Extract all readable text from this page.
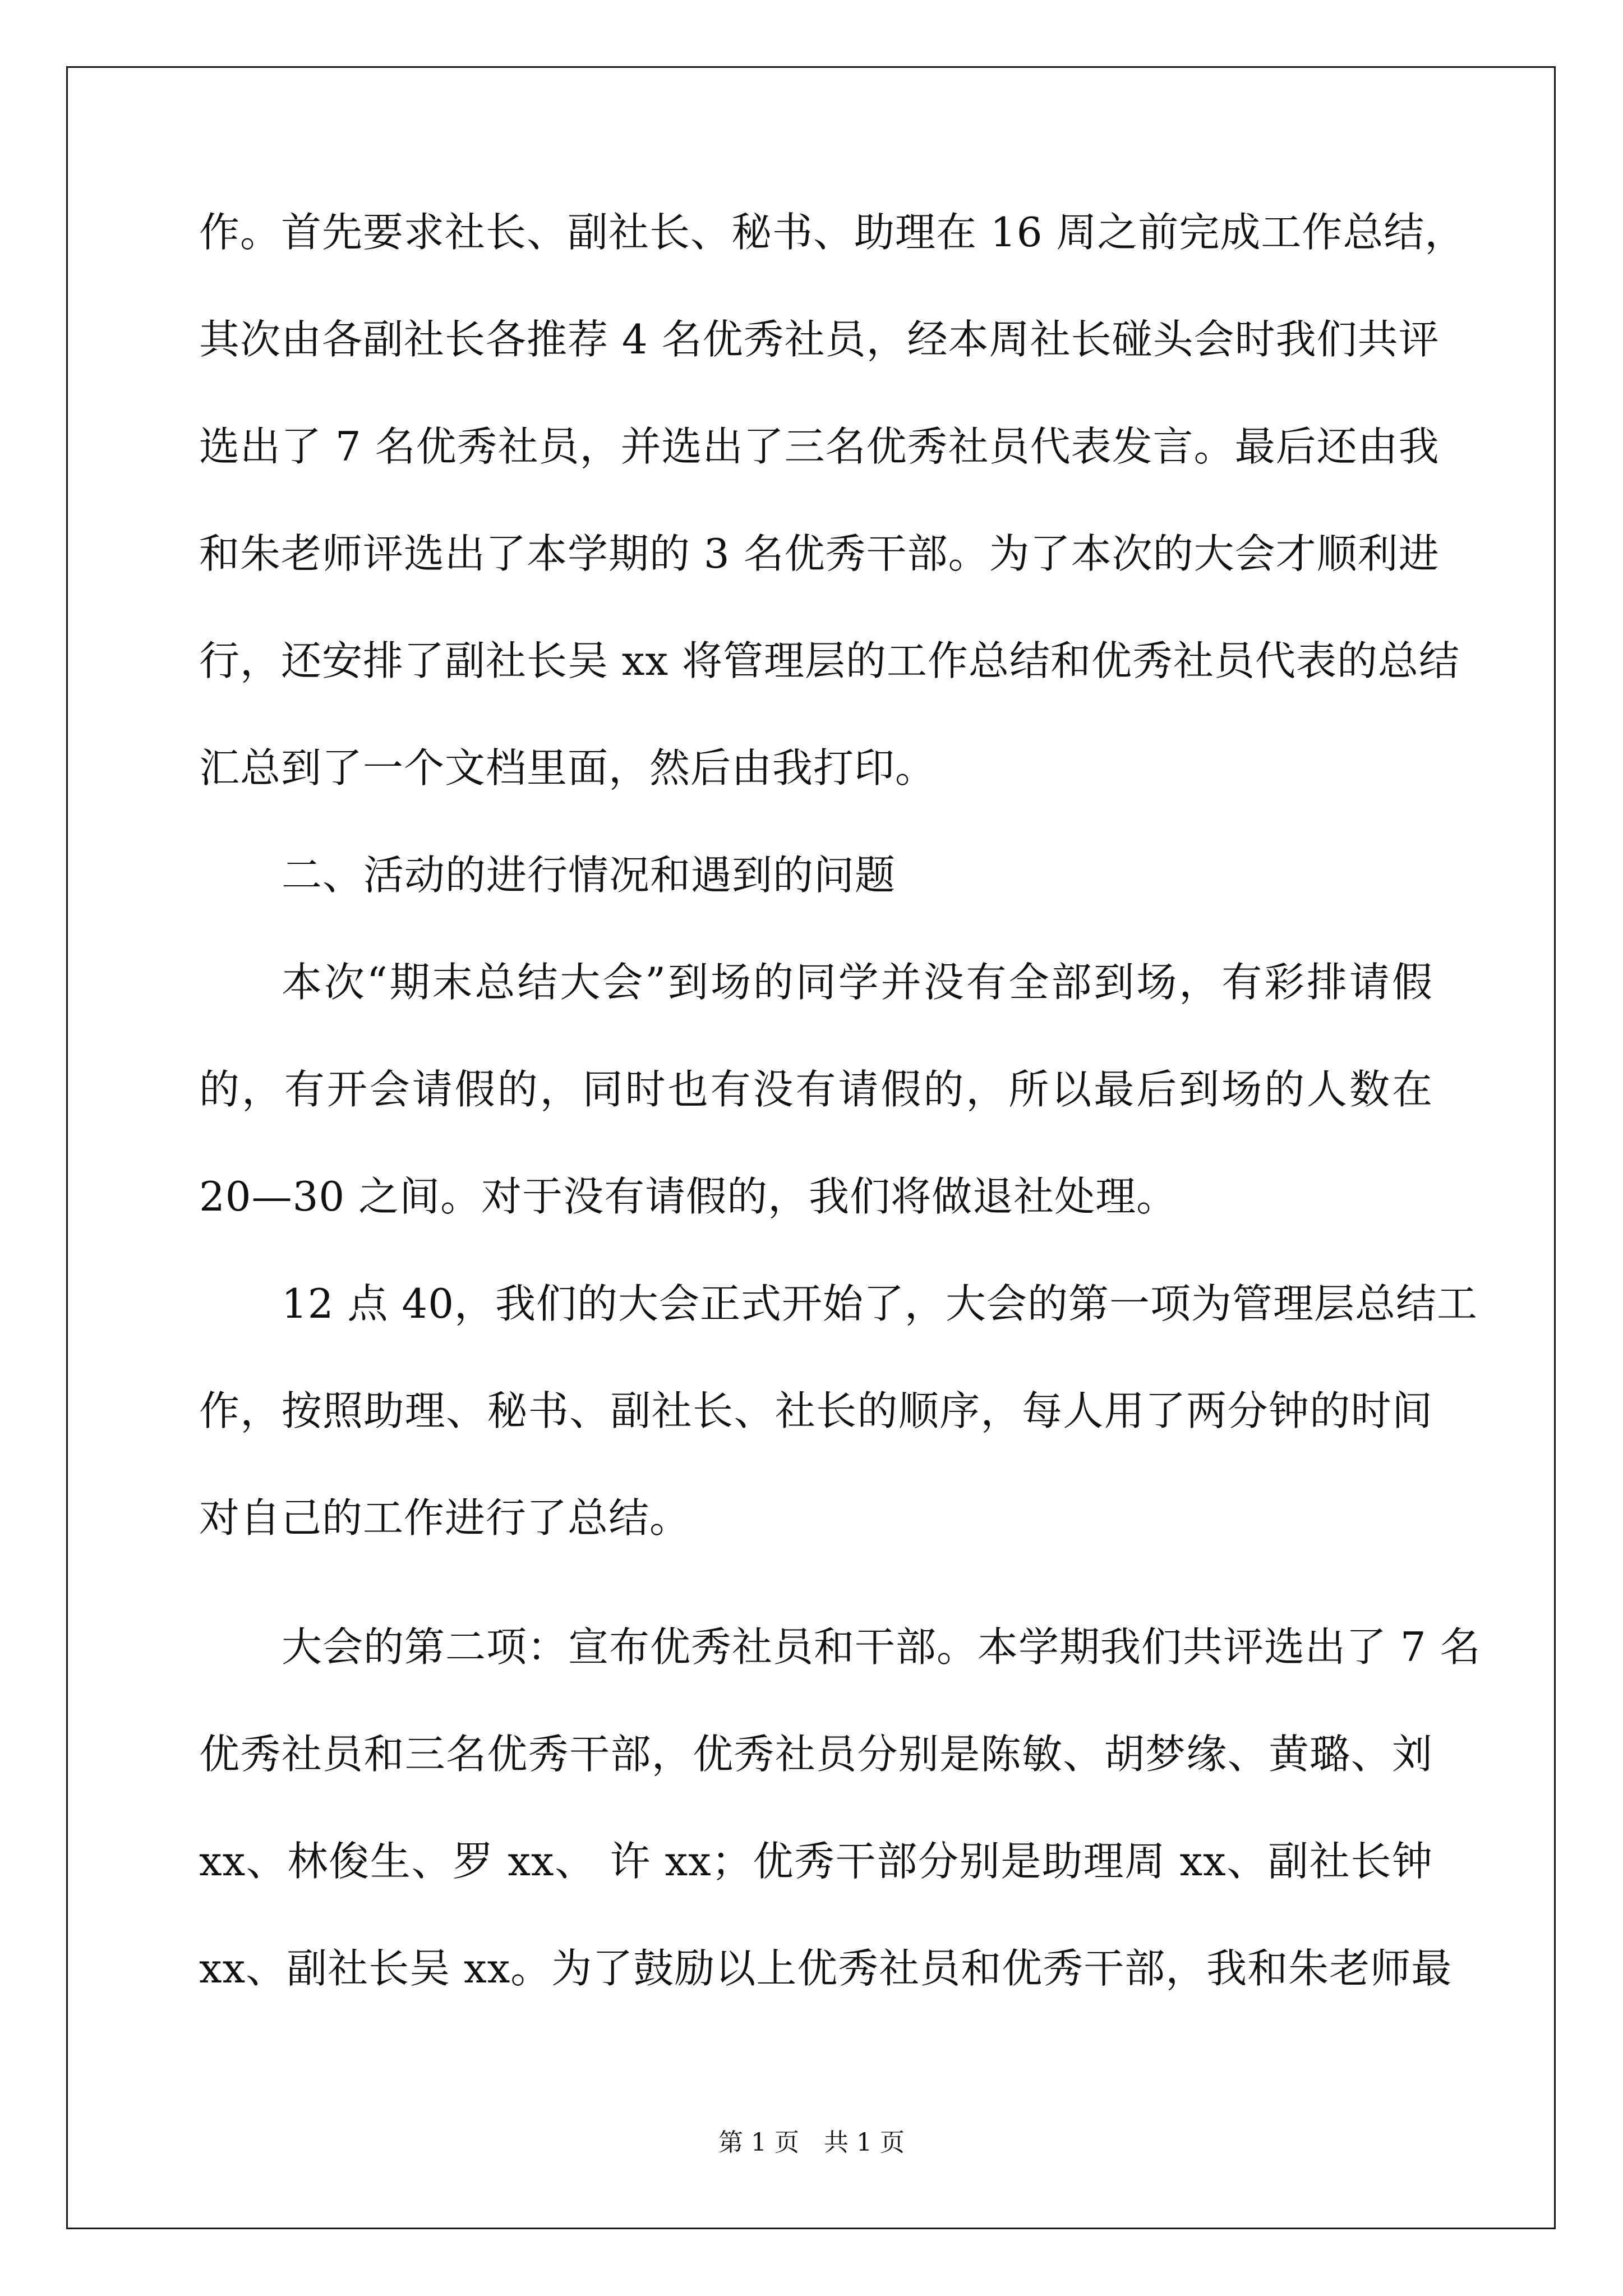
作。首先要求社长、副社长、秘书、助理在 16 周之前完成工作总结，
其次由各副社长各推荐 4 名优秀社员，经本周社长碰头会时我们共评
选出了 7 名优秀社员，并选出了三名优秀社员代表发言。最后还由我
和朱老师评选出了本学期的 3 名优秀干部。为了本次的大会才顺利进
行，还安排了副社长吴 xx 将管理层的工作总结和优秀社员代表的总结
汇总到了一个文档里面，然后由我打印。
二、活动的进行情况和遇到的问题
本次“期末总结大会”到场的同学并没有全部到场，有彩排请假
的，有开会请假的，同时也有没有请假的，所以最后到场的人数在
20—30 之间。对于没有请假的，我们将做退社处理。
12 点 40，我们的大会正式开始了，大会的第一项为管理层总结工
作，按照助理、秘书、副社长、社长的顺序，每人用了两分钟的时间
对自己的工作进行了总结。
大会的第二项：宣布优秀社员和干部。本学期我们共评选出了 7 名
优秀社员和三名优秀干部，优秀社员分别是陈敏、胡梦缘、黄璐、刘
xx、林俊生、罗 xx、 许 xx；优秀干部分别是助理周 xx、副社长钟
xx、副社长吴 xx。为了鼓励以上优秀社员和优秀干部，我和朱老师最
第 1 页　共 1 页
